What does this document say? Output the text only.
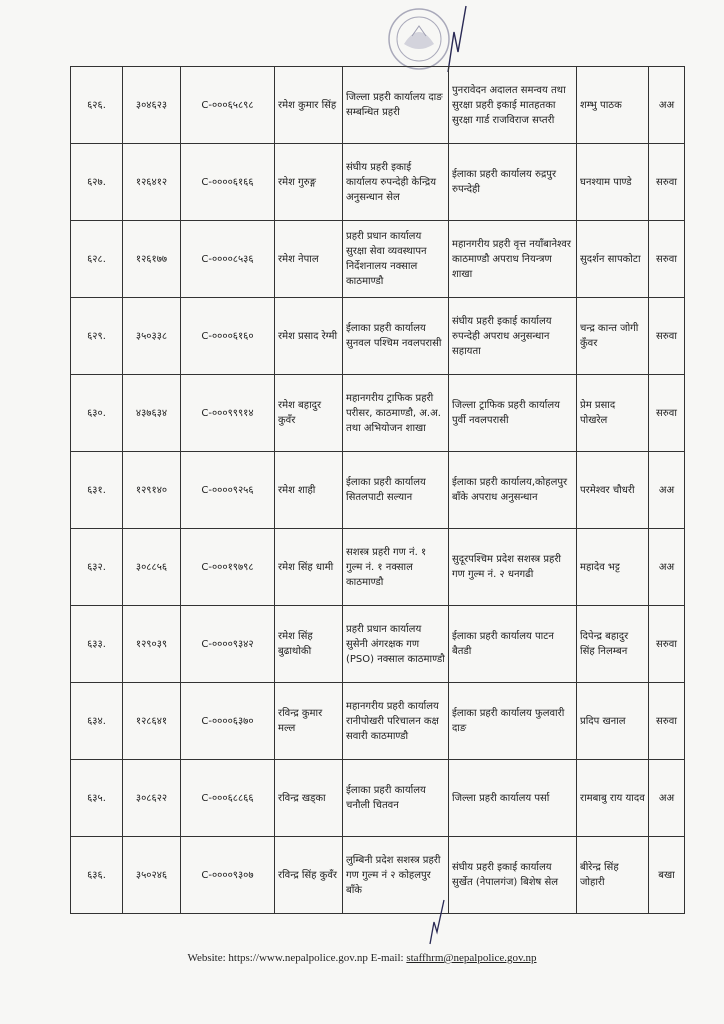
६२६.	३०४६२३	C-०००६५८९८	रमेश कुमार सिंह	जिल्ला प्रहरी कार्यालय दाङ सम्बन्धित प्रहरी	पुनरावेदन अदालत समन्वय तथा सुरक्षा प्रहरी इकाई मातहतका सुरक्षा गार्ड राजविराज सप्तरी	शम्भु पाठक	अअ
६२७.	१२६४१२	C-००००६१६६	रमेश गुरुङ्ग	संघीय प्रहरी इकाई कार्यालय रुपन्देही केन्द्रिय अनुसन्धान सेल	ईलाका प्रहरी कार्यालय रुद्रपुर रुपन्देही	घनश्याम पाण्डे	सरुवा
६२८.	१२६१७७	C-००००८५३६	रमेश नेपाल	प्रहरी प्रधान कार्यालय सुरक्षा सेवा व्यवस्थापन निर्देशनालय नक्साल काठमाण्डौ	महानगरीय प्रहरी वृत्त नयाँबानेश्वर काठमाण्डौ अपराध नियन्त्रण शाखा	सुदर्शन सापकोटा	सरुवा
६२९.	३५०३३८	C-००००६१६०	रमेश प्रसाद रेग्मी	ईलाका प्रहरी कार्यालय सुनवल पश्चिम नवलपरासी	संघीय प्रहरी इकाई कार्यालय रुपन्देही अपराध अनुसन्धान सहायता	चन्द्र कान्त जोगी कुँवर	सरुवा
६३०.	४३७६३४	C-०००९९९१४	रमेश बहादुर कुवँर	महानगरीय ट्राफिक प्रहरी परीसर, काठमाण्डौ, अ.अ. तथा अभियोजन शाखा	जिल्ला ट्राफिक प्रहरी कार्यालय पुर्वी नवलपरासी	प्रेम प्रसाद पोखरेल	सरुवा
६३१.	१२९१४०	C-००००९२५६	रमेश शाही	ईलाका प्रहरी कार्यालय सितलपाटी सल्यान	ईलाका प्रहरी कार्यालय,कोहलपुर बाँके अपराध अनुसन्धान	परमेश्वर चौधरी	अअ
६३२.	३०८८५६	C-०००१९७९८	रमेश सिंह धामी	सशस्त्र प्रहरी गण नं. १ गुल्म नं. १ नक्साल काठमाण्डौ	सुदूरपश्चिम प्रदेश सशस्त्र प्रहरी गण गुल्म नं. २ धनगढी	महादेव भट्ट	अअ
६३३.	१२९०३९	C-००००९३४२	रमेश सिंह बुढाथोकी	प्रहरी प्रधान कार्यालय सुसेनी अंगरक्षक गण (PSO) नक्साल काठमाण्डौ	ईलाका प्रहरी कार्यालय पाटन बैतडी	दिपेन्द्र बहादुर सिंह निलम्बन	सरुवा
६३४.	१२८६४१	C-००००६३७०	रविन्द्र कुमार मल्ल	महानगरीय प्रहरी कार्यालय रानीपोखरी परिचालन कक्ष सवारी काठमाण्डौ	ईलाका प्रहरी कार्यालय फुलवारी दाङ	प्रदिप खनाल	सरुवा
६३५.	३०८६२२	C-०००६८८६६	रविन्द्र खड्का	ईलाका प्रहरी कार्यालय चनौली चितवन	जिल्ला प्रहरी कार्यालय पर्सा	रामबाबु राय यादव	अअ
६३६.	३५०२४६	C-००००९३०७	रविन्द्र सिंह कुवँर	लुम्बिनी प्रदेश सशस्त्र प्रहरी गण गुल्म नं २ कोहलपुर बाँके	संघीय प्रहरी इकाई कार्यालय सुर्खेत (नेपालगंज) बिशेष सेल	बीरेन्द्र सिंह जोहारी	बखा
Website: https://www.nepalpolice.gov.np E-mail: staffhrm@nepalpolice.gov.np
